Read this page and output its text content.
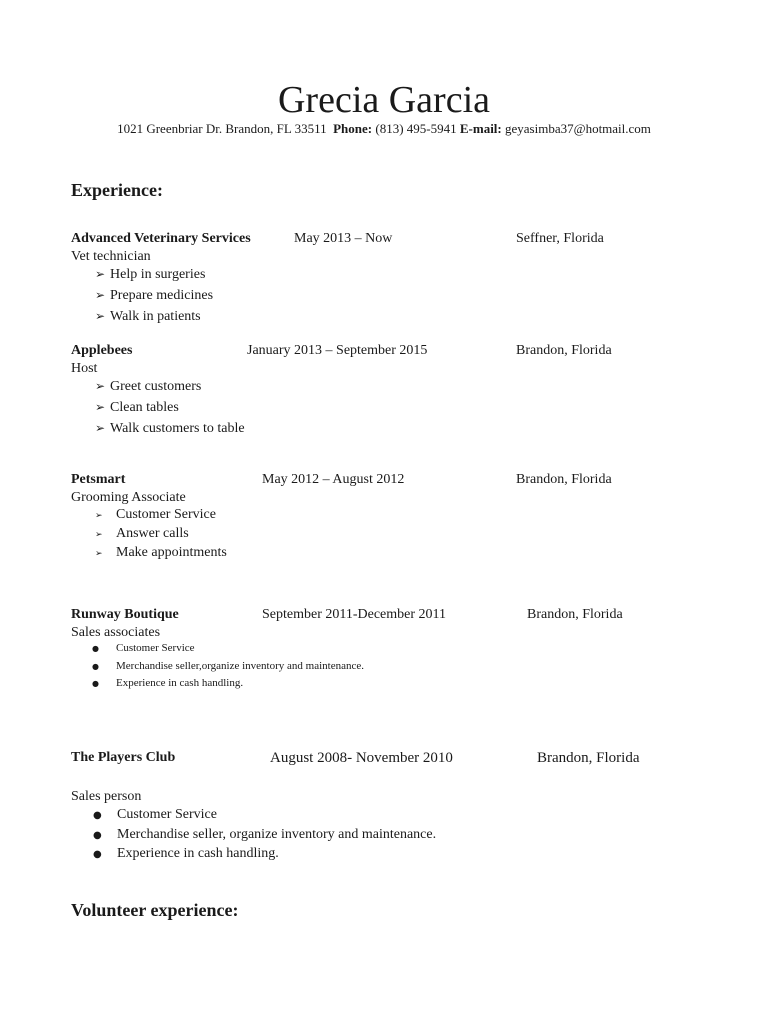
Grecia Garcia
1021 Greenbriar Dr. Brandon, FL 33511 Phone: (813) 495-5941 E-mail: geyasimba37@hotmail.com
Experience:
Advanced Veterinary Services	May 2013 – Now	Seffner, Florida
Vet technician
➢ Help in surgeries
➢ Prepare medicines
➢ Walk in patients
Applebees	January 2013 – September 2015	Brandon, Florida
Host
➢ Greet customers
➢ Clean tables
➢ Walk customers to table
Petsmart	May 2012 – August 2012	Brandon, Florida
Grooming Associate
➢ Customer Service
➢ Answer calls
➢ Make appointments
Runway Boutique	September 2011-December 2011	Brandon, Florida
Sales associates
● Customer Service
● Merchandise seller,organize inventory and maintenance.
● Experience in cash handling.
The Players Club	August 2008- November 2010	Brandon, Florida
Sales person
● Customer Service
● Merchandise seller, organize inventory and maintenance.
● Experience in cash handling.
Volunteer experience:
